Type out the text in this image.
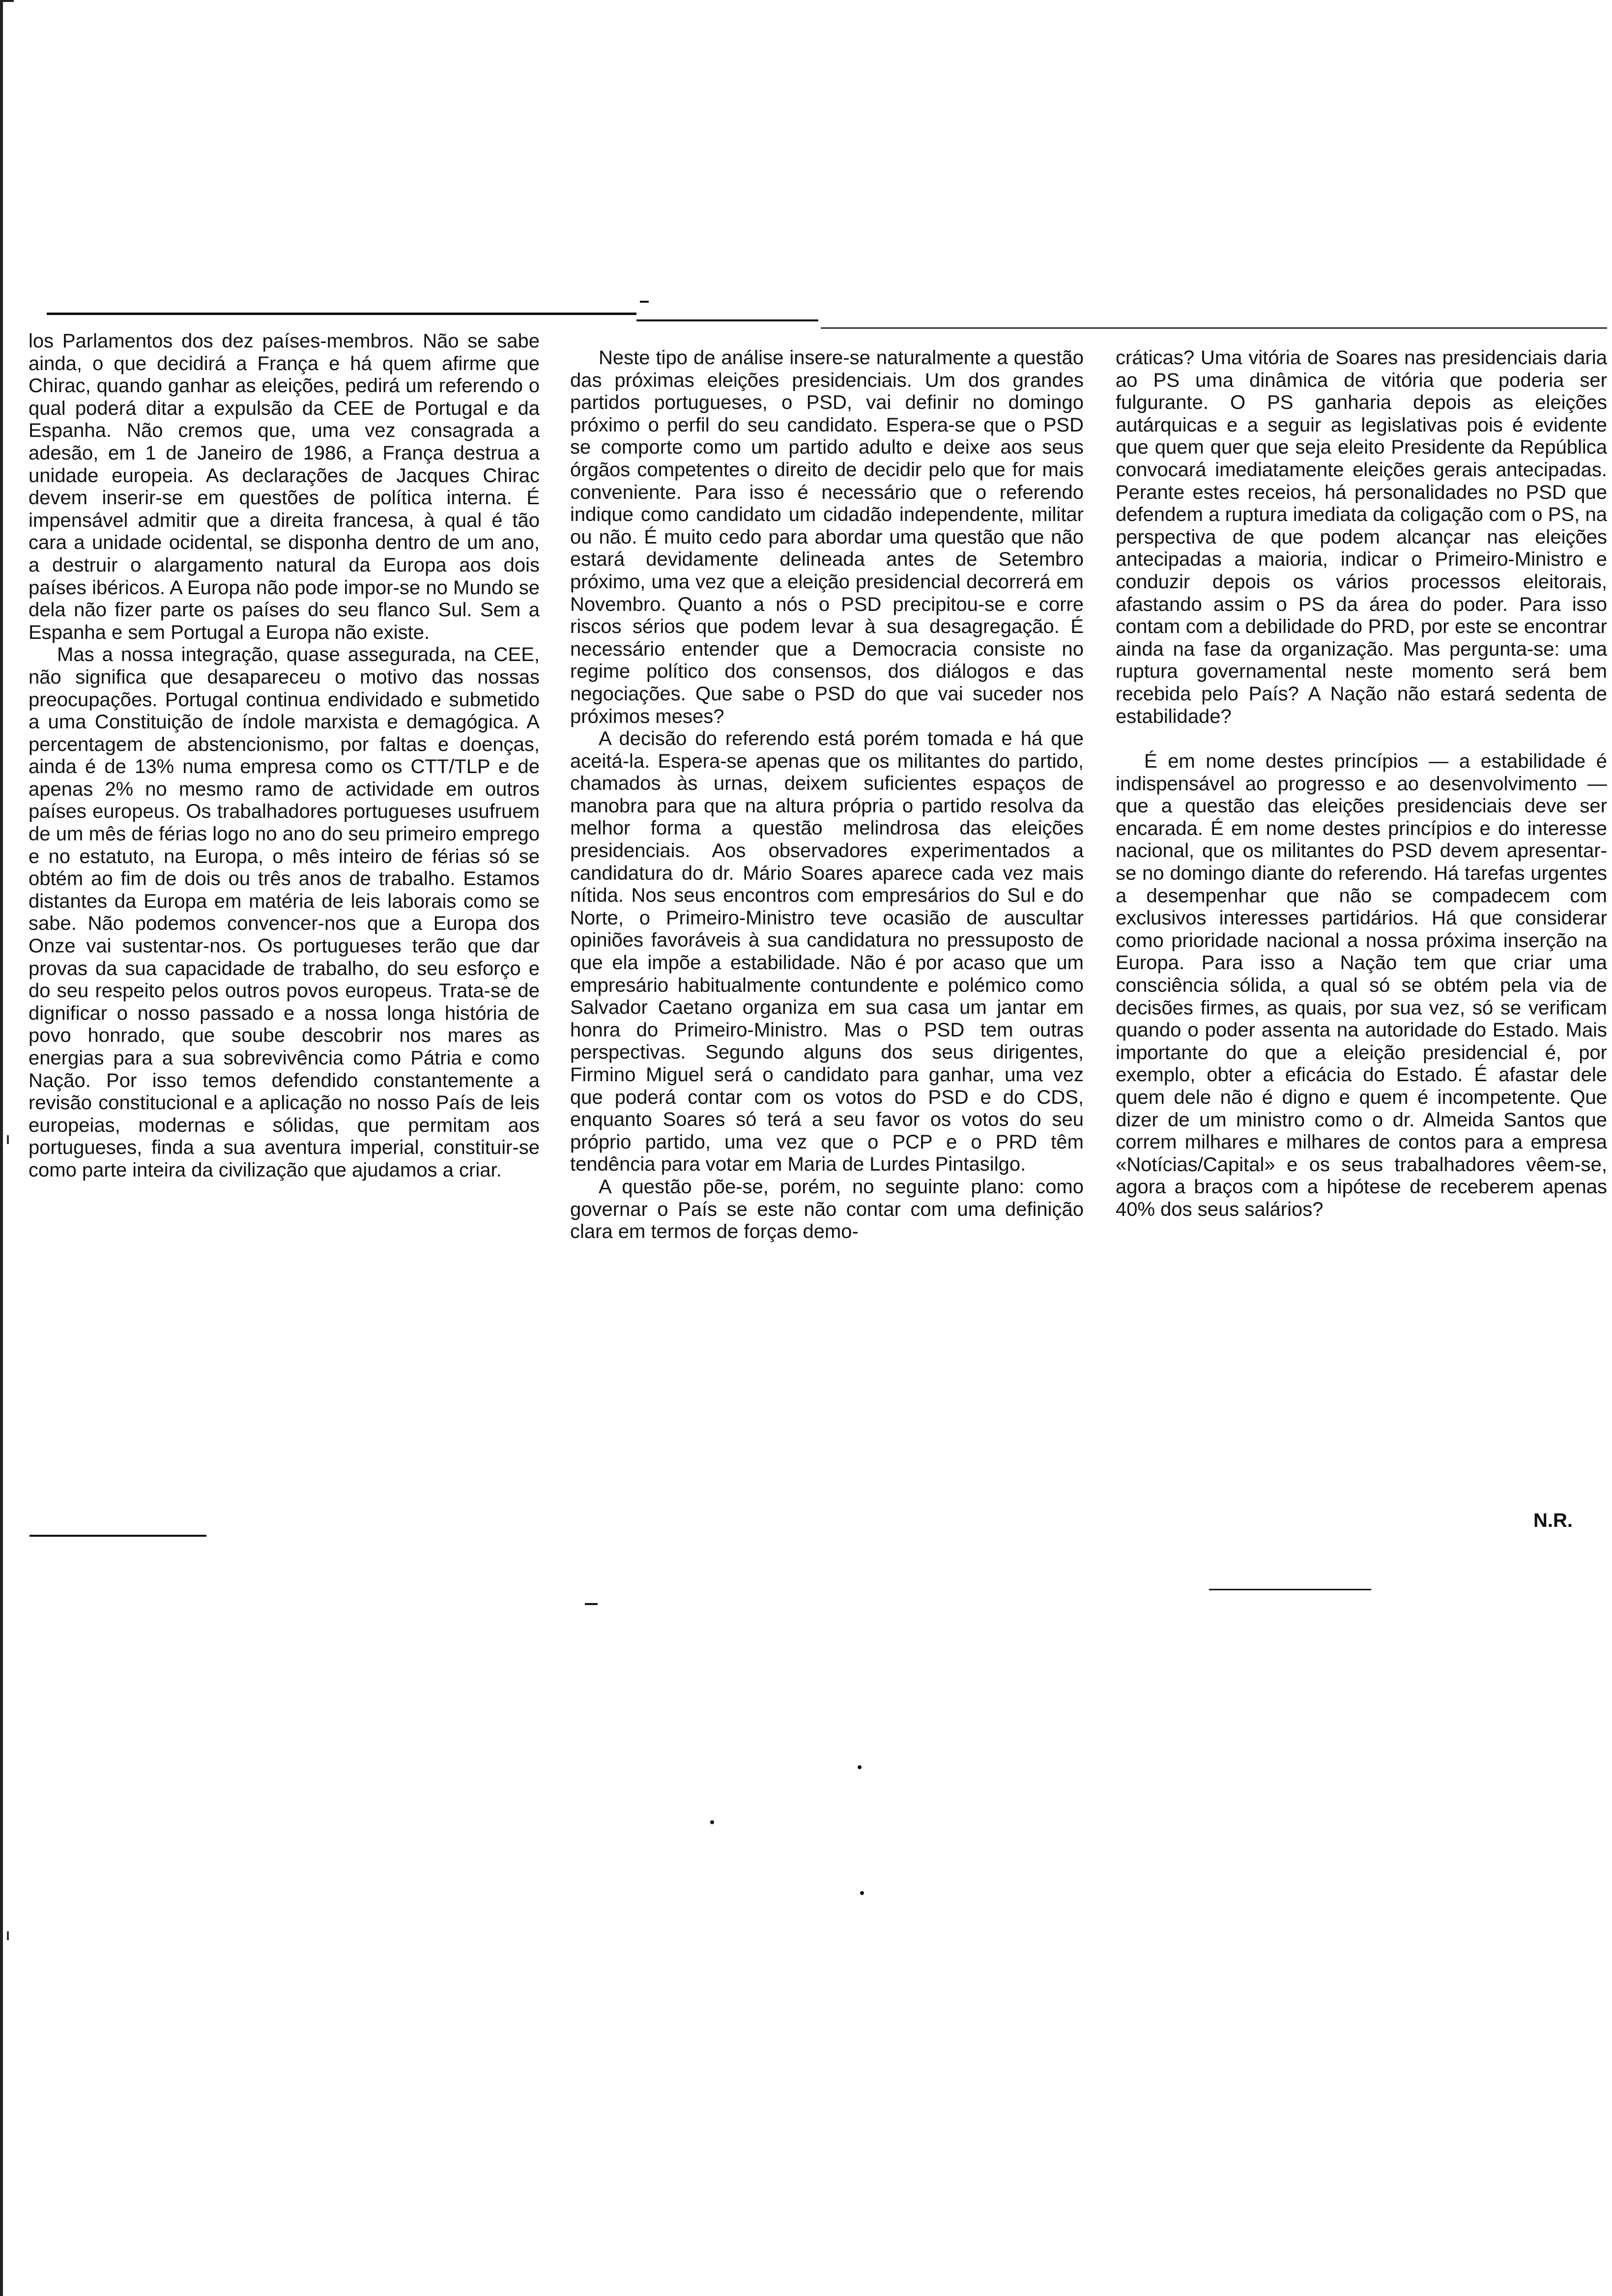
los Parlamentos dos dez países-membros. Não se sabe ainda, o que decidirá a França e há quem afirme que Chirac, quando ganhar as eleições, pedirá um referendo o qual poderá ditar a expulsão da CEE de Portugal e da Espanha. Não cremos que, uma vez consagrada a adesão, em 1 de Janeiro de 1986, a França destrua a unidade europeia. As declarações de Jacques Chirac devem inserir-se em questões de política interna. É impensável admitir que a direita francesa, à qual é tão cara a unidade ocidental, se disponha dentro de um ano, a destruir o alargamento natural da Europa aos dois países ibéricos. A Europa não pode impor-se no Mundo se dela não fizer parte os países do seu flanco Sul. Sem a Espanha e sem Portugal a Europa não existe.

Mas a nossa integração, quase assegurada, na CEE, não significa que desapareceu o motivo das nossas preocupações. Portugal continua endividado e submetido a uma Constituição de índole marxista e demagógica. A percentagem de abstencionismo, por faltas e doenças, ainda é de 13% numa empresa como os CTT/TLP e de apenas 2% no mesmo ramo de actividade em outros países europeus. Os trabalhadores portugueses usufruem de um mês de férias logo no ano do seu primeiro emprego e no estatuto, na Europa, o mês inteiro de férias só se obtém ao fim de dois ou três anos de trabalho. Estamos distantes da Europa em matéria de leis laborais como se sabe. Não podemos convencer-nos que a Europa dos Onze vai sustentar-nos. Os portugueses terão que dar provas da sua capacidade de trabalho, do seu esforço e do seu respeito pelos outros povos europeus. Trata-se de dignificar o nosso passado e a nossa longa história de povo honrado, que soube descobrir nos mares as energias para a sua sobrevivência como Pátria e como Nação. Por isso temos defendido constantemente a revisão constitucional e a aplicação no nosso País de leis europeias, modernas e sólidas, que permitam aos portugueses, finda a sua aventura imperial, constituir-se como parte inteira da civilização que ajudamos a criar.

Neste tipo de análise insere-se naturalmente a questão das próximas eleições presidenciais. Um dos grandes partidos portugueses, o PSD, vai definir no domingo próximo o perfil do seu candidato. Espera-se que o PSD se comporte como um partido adulto e deixe aos seus órgãos competentes o direito de decidir pelo que for mais conveniente. Para isso é necessário que o referendo indique como candidato um cidadão independente, militar ou não. É muito cedo para abordar uma questão que não estará devidamente delineada antes de Setembro próximo, uma vez que a eleição presidencial decorrerá em Novembro. Quanto a nós o PSD precipitou-se e corre riscos sérios que podem levar à sua desagregação. É necessário entender que a Democracia consiste no regime político dos consensos, dos diálogos e das negociações. Que sabe o PSD do que vai suceder nos próximos meses?

A decisão do referendo está porém tomada e há que aceitá-la. Espera-se apenas que os militantes do partido, chamados às urnas, deixem suficientes espaços de manobra para que na altura própria o partido resolva da melhor forma a questão melindrosa das eleições presidenciais. Aos observadores experimentados a candidatura do dr. Mário Soares aparece cada vez mais nítida. Nos seus encontros com empresários do Sul e do Norte, o Primeiro-Ministro teve ocasião de auscultar opiniões favoráveis à sua candidatura no pressuposto de que ela impõe a estabilidade. Não é por acaso que um empresário habitualmente contundente e polémico como Salvador Caetano organiza em sua casa um jantar em honra do Primeiro-Ministro. Mas o PSD tem outras perspectivas. Segundo alguns dos seus dirigentes, Firmino Miguel será o candidato para ganhar, uma vez que poderá contar com os votos do PSD e do CDS, enquanto Soares só terá a seu favor os votos do seu próprio partido, uma vez que o PCP e o PRD têm tendência para votar em Maria de Lurdes Pintasilgo.

A questão põe-se, porém, no seguinte plano: como governar o País se este não contar com uma definição clara em termos de forças demo-

cráticas? Uma vitória de Soares nas presidenciais daria ao PS uma dinâmica de vitória que poderia ser fulgurante. O PS ganharia depois as eleições autárquicas e a seguir as legislativas pois é evidente que quem quer que seja eleito Presidente da República convocará imediatamente eleições gerais antecipadas. Perante estes receios, há personalidades no PSD que defendem a ruptura imediata da coligação com o PS, na perspectiva de que podem alcançar nas eleições antecipadas a maioria, indicar o Primeiro-Ministro e conduzir depois os vários processos eleitorais, afastando assim o PS da área do poder. Para isso contam com a debilidade do PRD, por este se encontrar ainda na fase da organização. Mas pergunta-se: uma ruptura governamental neste momento será bem recebida pelo País? A Nação não estará sedenta de estabilidade?

É em nome destes princípios — a estabilidade é indispensável ao progresso e ao desenvolvimento — que a questão das eleições presidenciais deve ser encarada. É em nome destes princípios e do interesse nacional, que os militantes do PSD devem apresentar-se no domingo diante do referendo. Há tarefas urgentes a desempenhar que não se compadecem com exclusivos interesses partidários. Há que considerar como prioridade nacional a nossa próxima inserção na Europa. Para isso a Nação tem que criar uma consciência sólida, a qual só se obtém pela via de decisões firmes, as quais, por sua vez, só se verificam quando o poder assenta na autoridade do Estado. Mais importante do que a eleição presidencial é, por exemplo, obter a eficácia do Estado. É afastar dele quem dele não é digno e quem é incompetente. Que dizer de um ministro como o dr. Almeida Santos que correm milhares e milhares de contos para a empresa «Notícias/Capital» e os seus trabalhadores vêem-se, agora a braços com a hipótese de receberem apenas 40% dos seus salários?

N.R.
